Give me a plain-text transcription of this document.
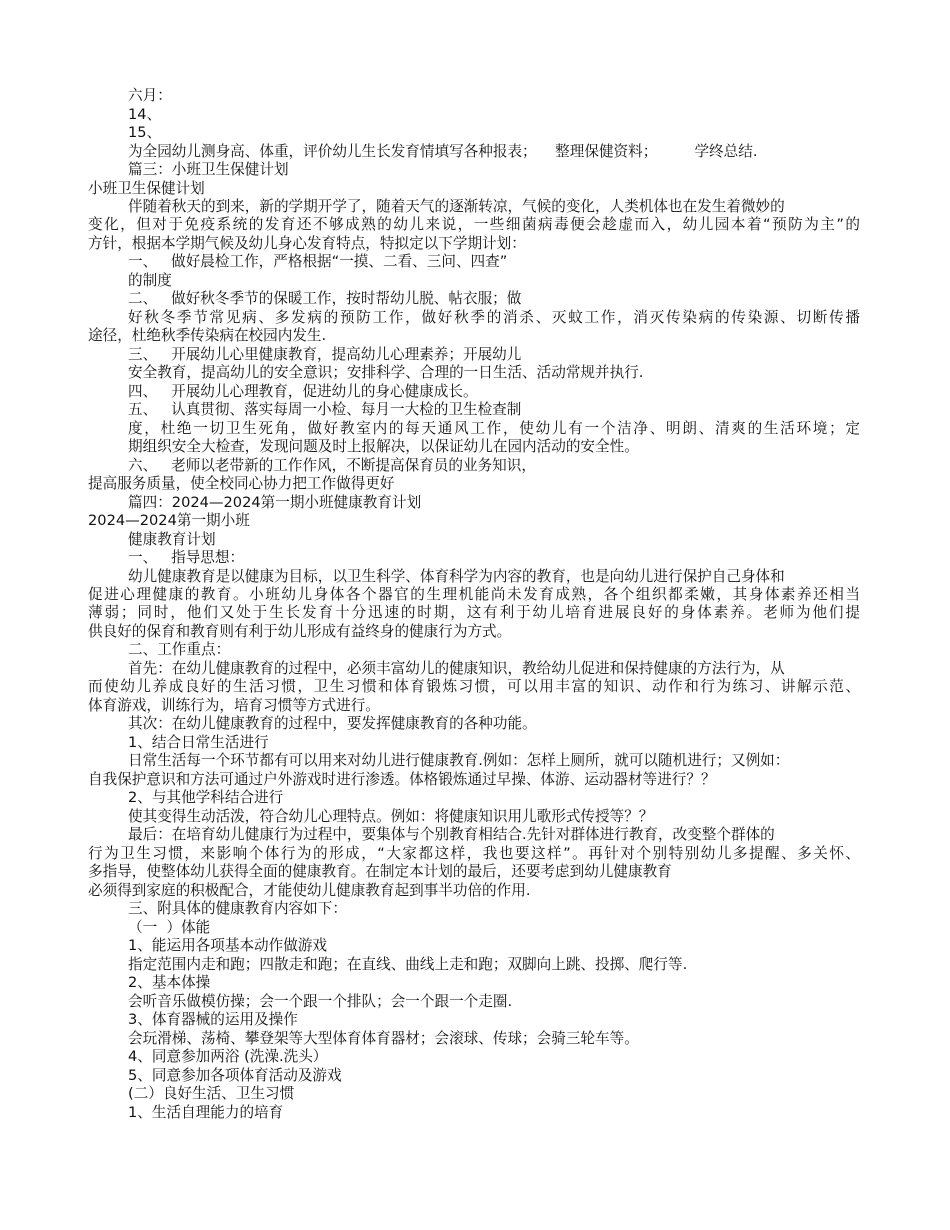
六月：
14、
15、
为全园幼儿测身高、体重，评价幼儿生长发育情填写各种报表；    整理保健资料；        学终总结.
篇三：小班卫生保健计划
小班卫生保健计划
伴随着秋天的到来，新的学期开学了，随着天气的逐渐转凉，气候的变化，人类机体也在发生着微妙的
变化，但对于免疫系统的发育还不够成熟的幼儿来说，一些细菌病毒便会趁虚而入，幼儿园本着“预防为主”的
方针，根据本学期气候及幼儿身心发育特点，特拟定以下学期计划：
一、   做好晨检工作，严格根据“一摸、二看、三问、四查”
的制度
二、   做好秋冬季节的保暖工作，按时帮幼儿脱、帖衣服；做
好秋冬季节常见病、多发病的预防工作，做好秋季的消杀、灭蚊工作，消灭传染病的传染源、切断传播
途径，杜绝秋季传染病在校园内发生.
三、   开展幼儿心里健康教育，提高幼儿心理素养；开展幼儿
安全教育，提高幼儿的安全意识；安排科学、合理的一日生活、活动常规并执行.
四、   开展幼儿心理教育，促进幼儿的身心健康成长。
五、   认真贯彻、落实每周一小检、每月一大检的卫生检查制
度，杜绝一切卫生死角，做好教室内的每天通风工作，使幼儿有一个洁净、明朗、清爽的生活环境；定
期组织安全大检查，发现问题及时上报解决，以保证幼儿在园内活动的安全性。
六、   老师以老带新的工作作风，不断提高保育员的业务知识，
提高服务质量，使全校同心协力把工作做得更好
篇四：2024—2024第一期小班健康教育计划
2024—2024第一期小班
健康教育计划
一、   指导思想：
幼儿健康教育是以健康为目标，以卫生科学、体育科学为内容的教育，也是向幼儿进行保护自己身体和
促进心理健康的教育。小班幼儿身体各个器官的生理机能尚未发育成熟，各个组织都柔嫩，其身体素养还相当
薄弱；同时，他们又处于生长发育十分迅速的时期，这有利于幼儿培育进展良好的身体素养。老师为他们提
供良好的保育和教育则有利于幼儿形成有益终身的健康行为方式。
二、工作重点：
首先：在幼儿健康教育的过程中，必须丰富幼儿的健康知识，教给幼儿促进和保持健康的方法行为，从
而使幼儿养成良好的生活习惯，卫生习惯和体育锻炼习惯，可以用丰富的知识、动作和行为练习、讲解示范、
体育游戏，训练行为，培育习惯等方式进行。
其次：在幼儿健康教育的过程中，要发挥健康教育的各种功能。
1、结合日常生活进行
日常生活每一个环节都有可以用来对幼儿进行健康教育.例如：怎样上厕所，就可以随机进行；又例如：
自我保护意识和方法可通过户外游戏时进行渗透。体格锻炼通过早操、体游、运动器材等进行？？
2、与其他学科结合进行
使其变得生动活泼，符合幼儿心理特点。例如：将健康知识用儿歌形式传授等？？
最后：在培育幼儿健康行为过程中，要集体与个别教育相结合.先针对群体进行教育，改变整个群体的
行为卫生习惯，来影响个体行为的形成，“大家都这样，我也要这样”。再针对个别特别幼儿多提醒、多关怀、
多指导，使整体幼儿获得全面的健康教育。在制定本计划的最后，还要考虑到幼儿健康教育
必须得到家庭的积极配合，才能使幼儿健康教育起到事半功倍的作用.
三、附具体的健康教育内容如下：
（一  ）体能
1、能运用各项基本动作做游戏
指定范围内走和跑；四散走和跑；在直线、曲线上走和跑；双脚向上跳、投掷、爬行等.
2、基本体操
会听音乐做模仿操；会一个跟一个排队；会一个跟一个走圈.
3、体育器械的运用及操作
会玩滑梯、荡椅、攀登架等大型体育体育器材；会滚球、传球；会骑三轮车等。
4、同意参加两浴 (洗澡.洗头）
5、同意参加各项体育活动及游戏
(二）良好生活、卫生习惯
1、生活自理能力的培育
